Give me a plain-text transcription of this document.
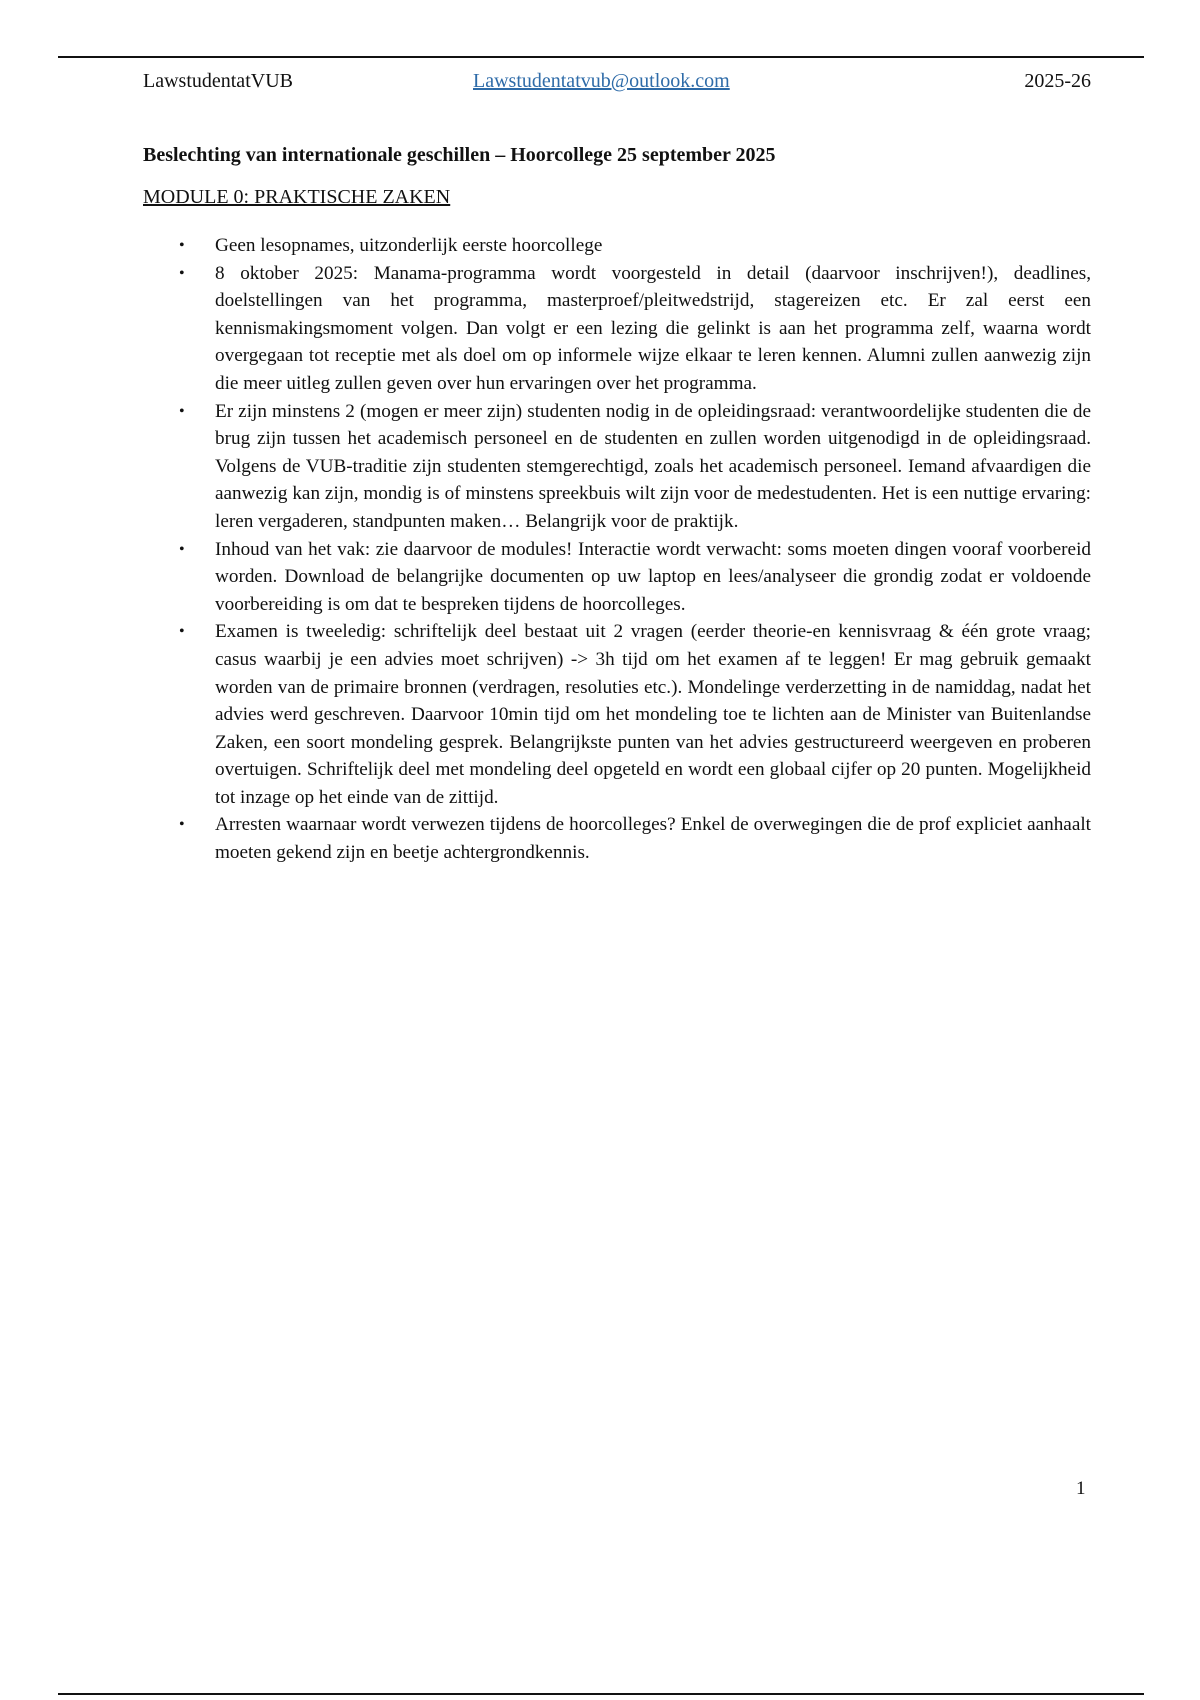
LawstudentatVUB	Lawstudentatvub@outlook.com	2025-26
Beslechting van internationale geschillen – Hoorcollege 25 september 2025
MODULE 0: PRAKTISCHE ZAKEN
• Geen lesopnames, uitzonderlijk eerste hoorcollege
• 8 oktober 2025: Manama-programma wordt voorgesteld in detail (daarvoor inschrijven!), deadlines, doelstellingen van het programma, masterproef/pleitwedstrijd, stagereizen etc. Er zal eerst een kennismakingsmoment volgen. Dan volgt er een lezing die gelinkt is aan het programma zelf, waarna wordt overgegaan tot receptie met als doel om op informele wijze elkaar te leren kennen. Alumni zullen aanwezig zijn die meer uitleg zullen geven over hun ervaringen over het programma.
• Er zijn minstens 2 (mogen er meer zijn) studenten nodig in de opleidingsraad: verantwoordelijke studenten die de brug zijn tussen het academisch personeel en de studenten en zullen worden uitgenodigd in de opleidingsraad. Volgens de VUB-traditie zijn studenten stemgerechtigd, zoals het academisch personeel. Iemand afvaardigen die aanwezig kan zijn, mondig is of minstens spreekbuis wilt zijn voor de medestudenten. Het is een nuttige ervaring: leren vergaderen, standpunten maken… Belangrijk voor de praktijk.
• Inhoud van het vak: zie daarvoor de modules! Interactie wordt verwacht: soms moeten dingen vooraf voorbereid worden. Download de belangrijke documenten op uw laptop en lees/analyseer die grondig zodat er voldoende voorbereiding is om dat te bespreken tijdens de hoorcolleges.
• Examen is tweeledig: schriftelijk deel bestaat uit 2 vragen (eerder theorie-en kennisvraag & één grote vraag; casus waarbij je een advies moet schrijven) -> 3h tijd om het examen af te leggen! Er mag gebruik gemaakt worden van de primaire bronnen (verdragen, resoluties etc.). Mondelinge verderzetting in de namiddag, nadat het advies werd geschreven. Daarvoor 10min tijd om het mondeling toe te lichten aan de Minister van Buitenlandse Zaken, een soort mondeling gesprek. Belangrijkste punten van het advies gestructureerd weergeven en proberen overtuigen. Schriftelijk deel met mondeling deel opgeteld en wordt een globaal cijfer op 20 punten. Mogelijkheid tot inzage op het einde van de zittijd.
• Arresten waarnaar wordt verwezen tijdens de hoorcolleges? Enkel de overwegingen die de prof expliciet aanhaalt moeten gekend zijn en beetje achtergrondkennis.
1
